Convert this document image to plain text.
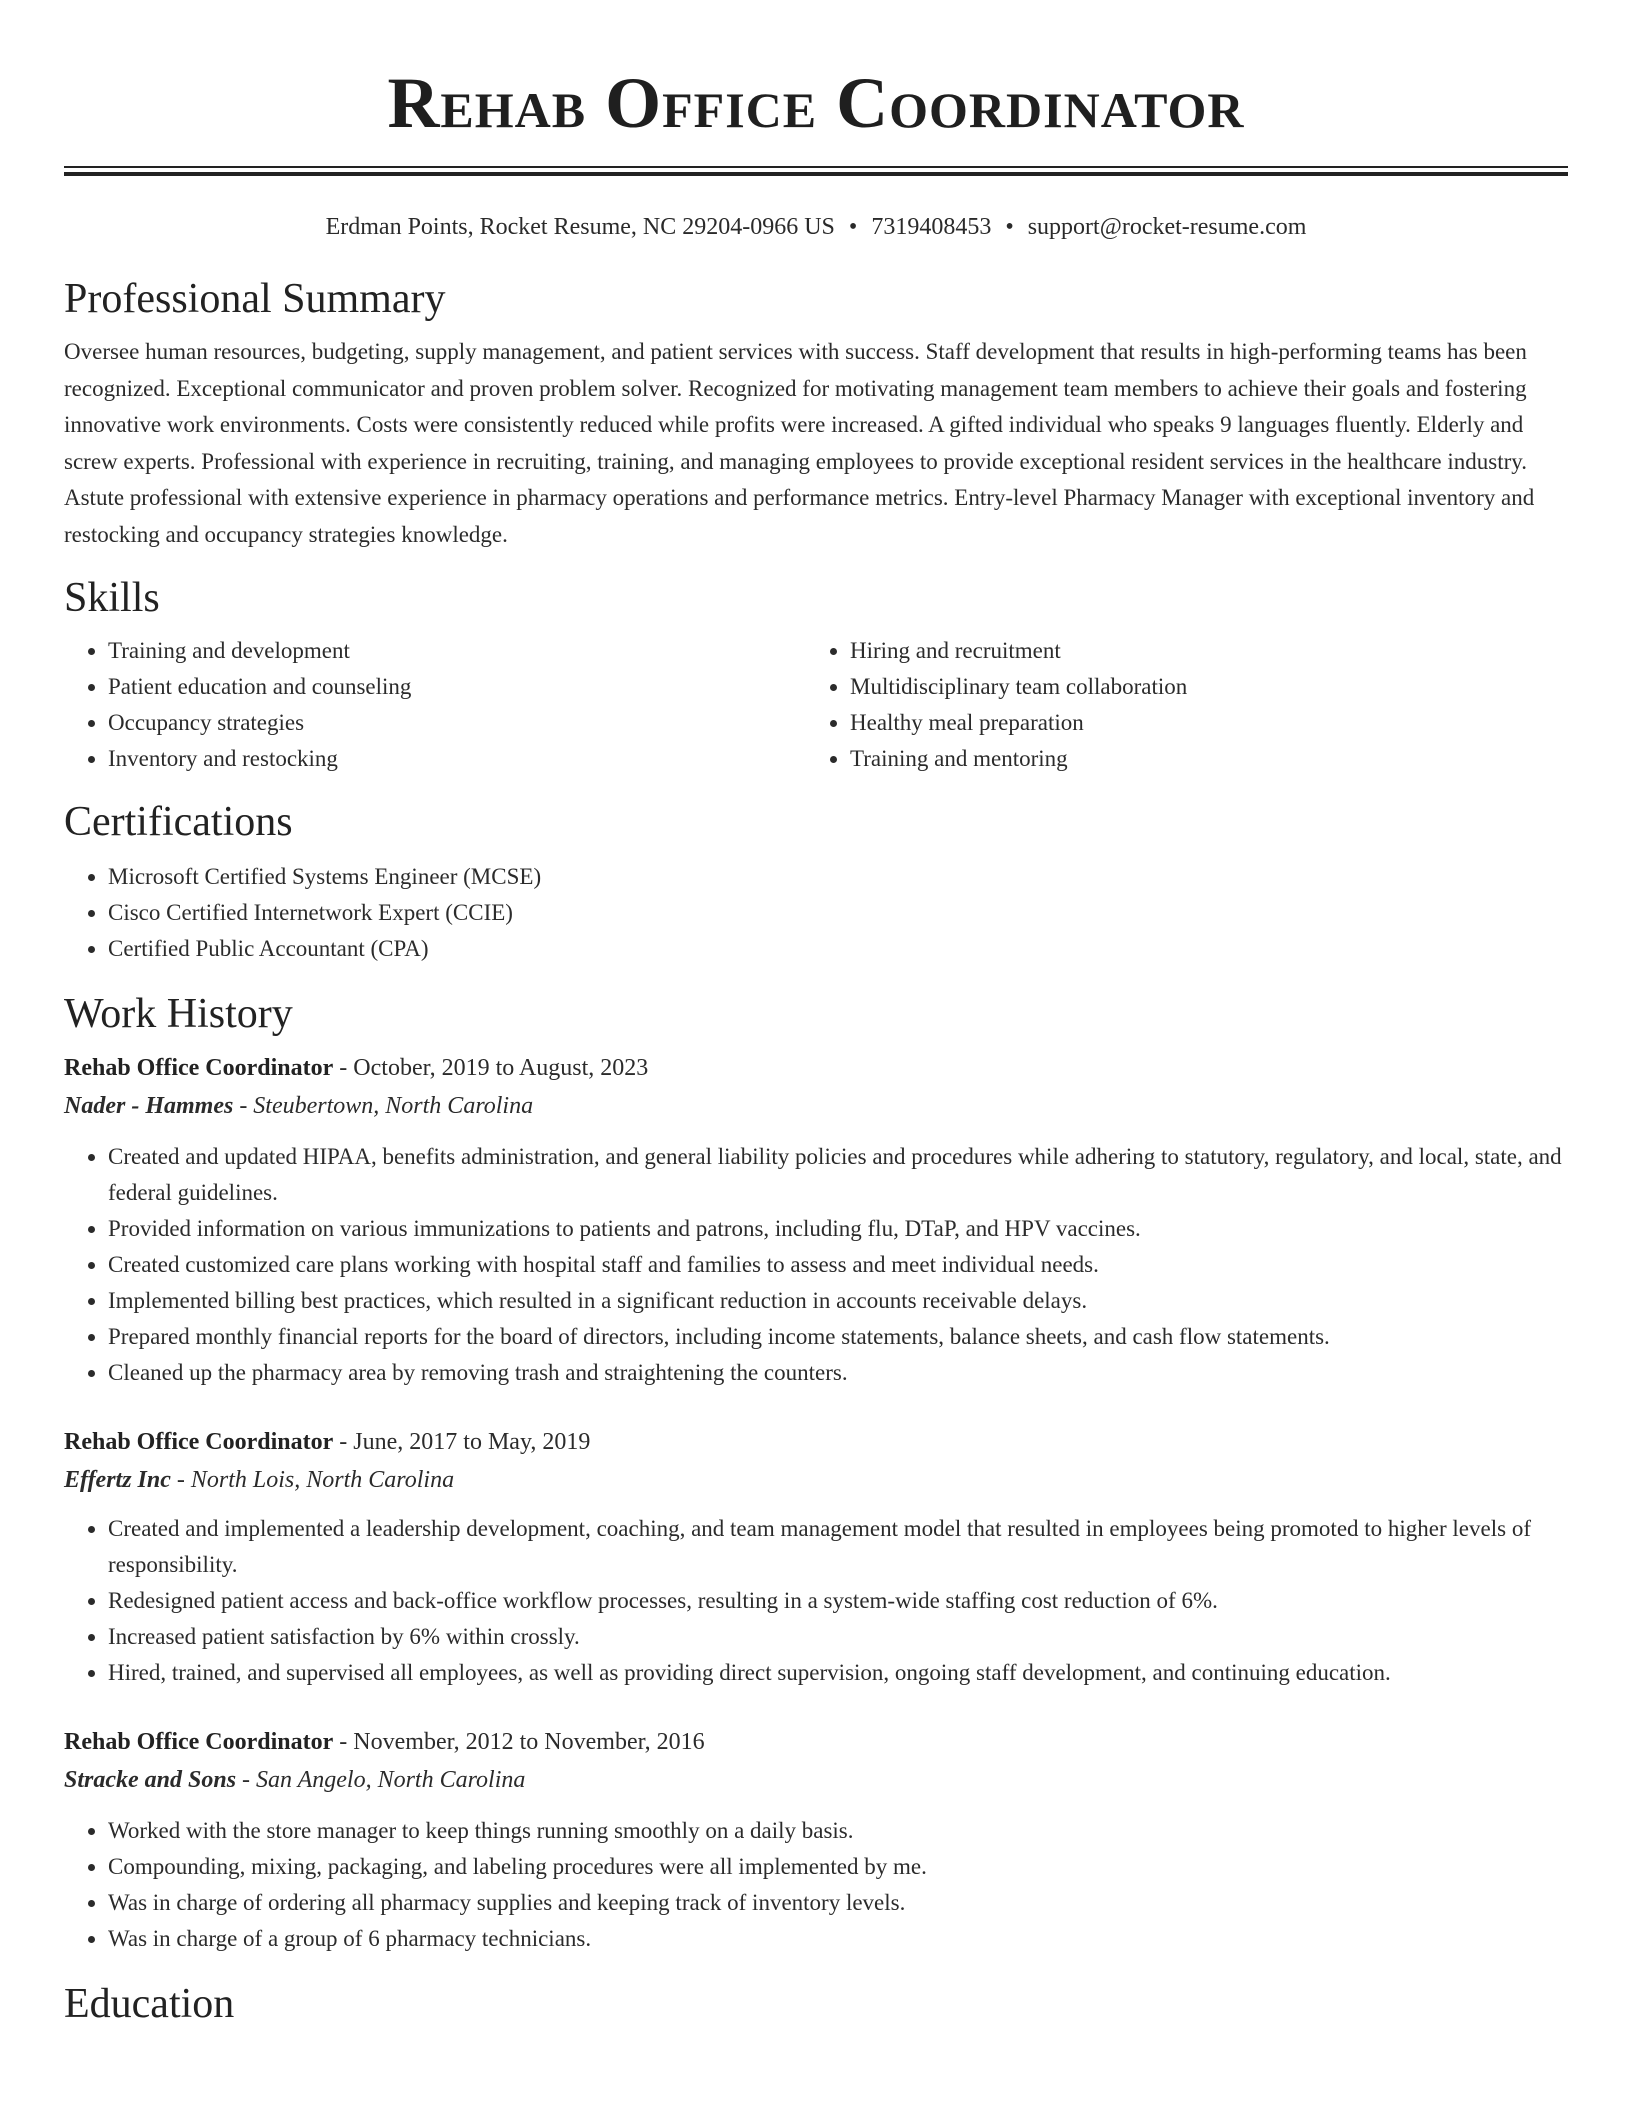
Rehab Office Coordinator
Erdman Points, Rocket Resume, NC 29204-0966 US • 7319408453 • support@rocket-resume.com
Professional Summary

Oversee human resources, budgeting, supply management, and patient services with success. Staff development that results in high-performing teams has been recognized. Exceptional communicator and proven problem solver. Recognized for motivating management team members to achieve their goals and fostering innovative work environments. Costs were consistently reduced while profits were increased. A gifted individual who speaks 9 languages fluently. Elderly and screw experts. Professional with experience in recruiting, training, and managing employees to provide exceptional resident services in the healthcare industry. Astute professional with extensive experience in pharmacy operations and performance metrics. Entry-level Pharmacy Manager with exceptional inventory and restocking and occupancy strategies knowledge.

Skills
• Training and development
• Patient education and counseling
• Occupancy strategies
• Inventory and restocking
• Hiring and recruitment
• Multidisciplinary team collaboration
• Healthy meal preparation
• Training and mentoring
Certifications
• Microsoft Certified Systems Engineer (MCSE)
• Cisco Certified Internetwork Expert (CCIE)
• Certified Public Accountant (CPA)
Work History
Rehab Office Coordinator - October, 2019 to August, 2023
Nader - Hammes - Steubertown, North Carolina
• Created and updated HIPAA, benefits administration, and general liability policies and procedures while adhering to statutory, regulatory, and local, state, and federal guidelines.
• Provided information on various immunizations to patients and patrons, including flu, DTaP, and HPV vaccines.
• Created customized care plans working with hospital staff and families to assess and meet individual needs.
• Implemented billing best practices, which resulted in a significant reduction in accounts receivable delays.
• Prepared monthly financial reports for the board of directors, including income statements, balance sheets, and cash flow statements.
• Cleaned up the pharmacy area by removing trash and straightening the counters.
Rehab Office Coordinator - June, 2017 to May, 2019
Effertz Inc - North Lois, North Carolina
• Created and implemented a leadership development, coaching, and team management model that resulted in employees being promoted to higher levels of responsibility.
• Redesigned patient access and back-office workflow processes, resulting in a system-wide staffing cost reduction of 6%.
• Increased patient satisfaction by 6% within crossly.
• Hired, trained, and supervised all employees, as well as providing direct supervision, ongoing staff development, and continuing education.
Rehab Office Coordinator - November, 2012 to November, 2016
Stracke and Sons - San Angelo, North Carolina
• Worked with the store manager to keep things running smoothly on a daily basis.
• Compounding, mixing, packaging, and labeling procedures were all implemented by me.
• Was in charge of ordering all pharmacy supplies and keeping track of inventory levels.
• Was in charge of a group of 6 pharmacy technicians.
Education
